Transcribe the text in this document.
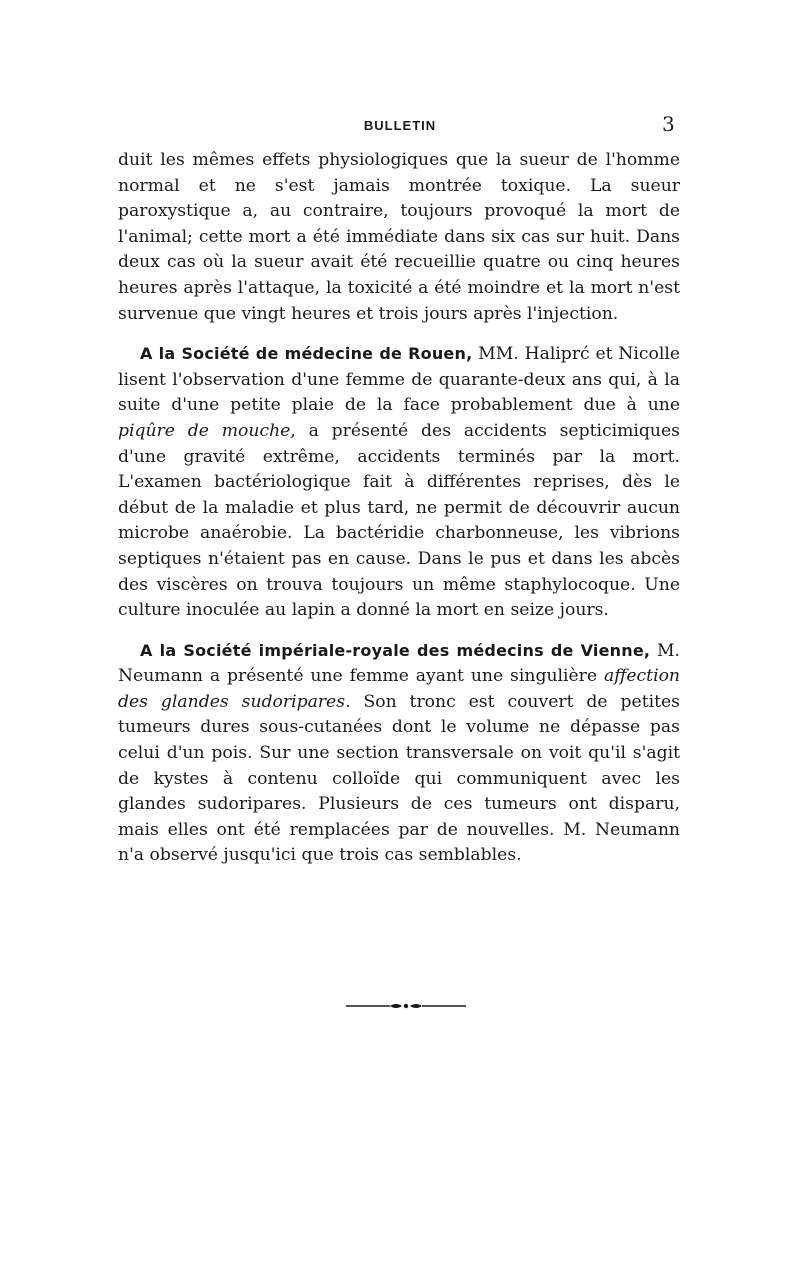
BULLETIN	3

duit les mêmes effets physiologiques que la sueur de l'homme normal et ne s'est jamais montrée toxique. La sueur paroxystique a, au contraire, toujours provoqué la mort de l'animal; cette mort a été immédiate dans six cas sur huit. Dans deux cas où la sueur avait été recueillie quatre ou cinq heures heures après l'attaque, la toxicité a été moindre et la mort n'est survenue que vingt heures et trois jours après l'injection.

A la Société de médecine de Rouen, MM. Haliprć et Nicolle lisent l'observation d'une femme de quarante-deux ans qui, à la suite d'une petite plaie de la face probablement due à une piqûre de mouche, a présenté des accidents septicimiques d'une gravité extrême, accidents terminés par la mort. L'examen bactériologique fait à différentes reprises, dès le début de la maladie et plus tard, ne permit de découvrir aucun microbe anaérobie. La bactéridie charbonneuse, les vibrions septiques n'étaient pas en cause. Dans le pus et dans les abcès des viscères on trouva toujours un même staphylocoque. Une culture inoculée au lapin a donné la mort en seize jours.

A la Société impériale-royale des médecins de Vienne, M. Neumann a présenté une femme ayant une singulière affection des glandes sudoripares. Son tronc est couvert de petites tumeurs dures sous-cutanées dont le volume ne dépasse pas celui d'un pois. Sur une section transversale on voit qu'il s'agit de kystes à contenu colloïde qui communiquent avec les glandes sudoripares. Plusieurs de ces tumeurs ont disparu, mais elles ont été remplacées par de nouvelles. M. Neumann n'a observé jusqu'ici que trois cas semblables.
